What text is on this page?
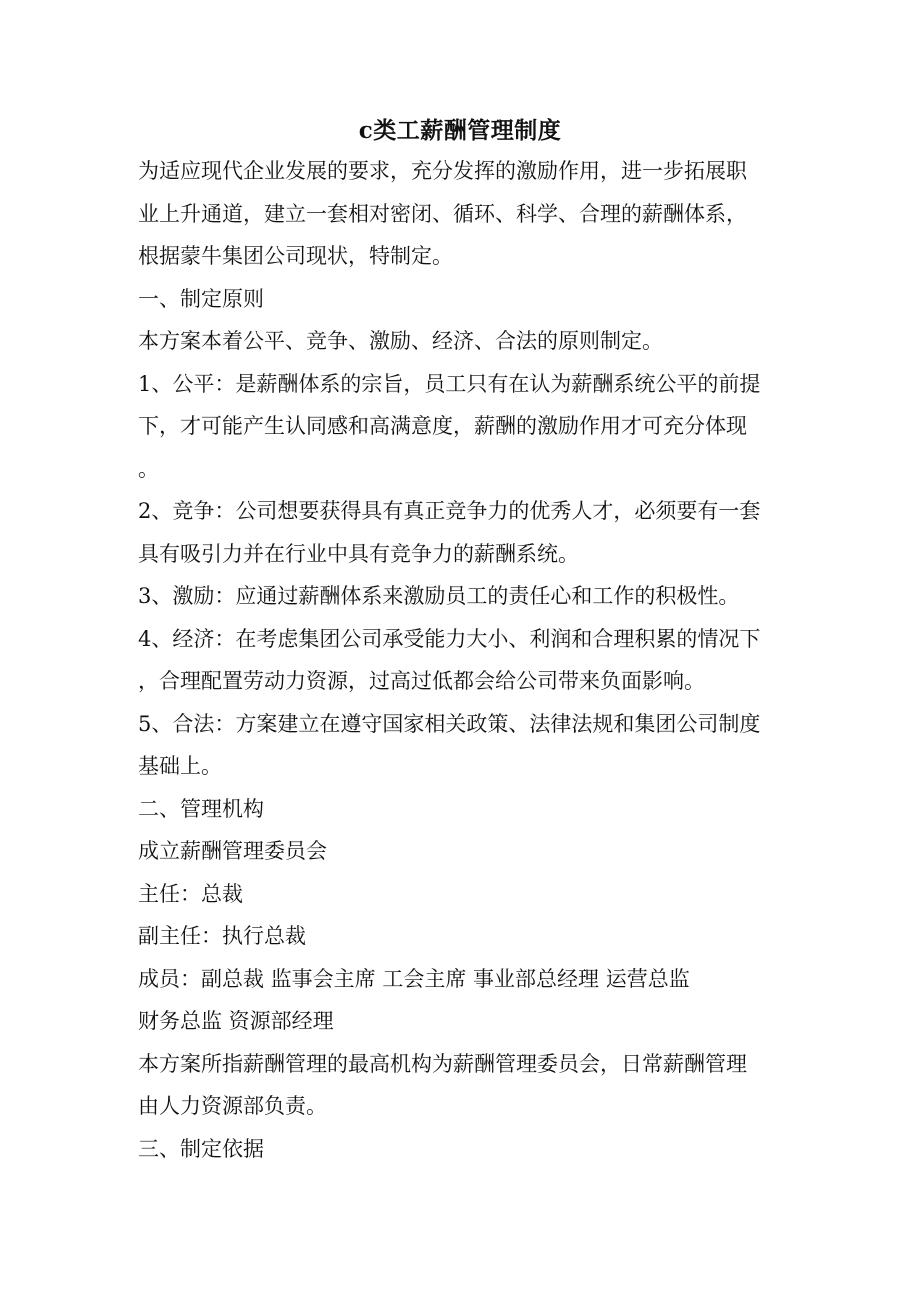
c类工薪酬管理制度
为适应现代企业发展的要求，充分发挥的激励作用，进一步拓展职
业上升通道，建立一套相对密闭、循环、科学、合理的薪酬体系，
根据蒙牛集团公司现状，特制定。
一、制定原则
本方案本着公平、竞争、激励、经济、合法的原则制定。
1、公平：是薪酬体系的宗旨，员工只有在认为薪酬系统公平的前提
下，才可能产生认同感和高满意度，薪酬的激励作用才可充分体现
。
2、竞争：公司想要获得具有真正竞争力的优秀人才，必须要有一套
具有吸引力并在行业中具有竞争力的薪酬系统。
3、激励：应通过薪酬体系来激励员工的责任心和工作的积极性。
4、经济：在考虑集团公司承受能力大小、利润和合理积累的情况下
，合理配置劳动力资源，过高过低都会给公司带来负面影响。
5、合法：方案建立在遵守国家相关政策、法律法规和集团公司制度
基础上。
二、管理机构
成立薪酬管理委员会
主任：总裁
副主任：执行总裁
成员：副总裁 监事会主席 工会主席 事业部总经理 运营总监
财务总监 资源部经理
本方案所指薪酬管理的最高机构为薪酬管理委员会，日常薪酬管理
由人力资源部负责。
三、制定依据
